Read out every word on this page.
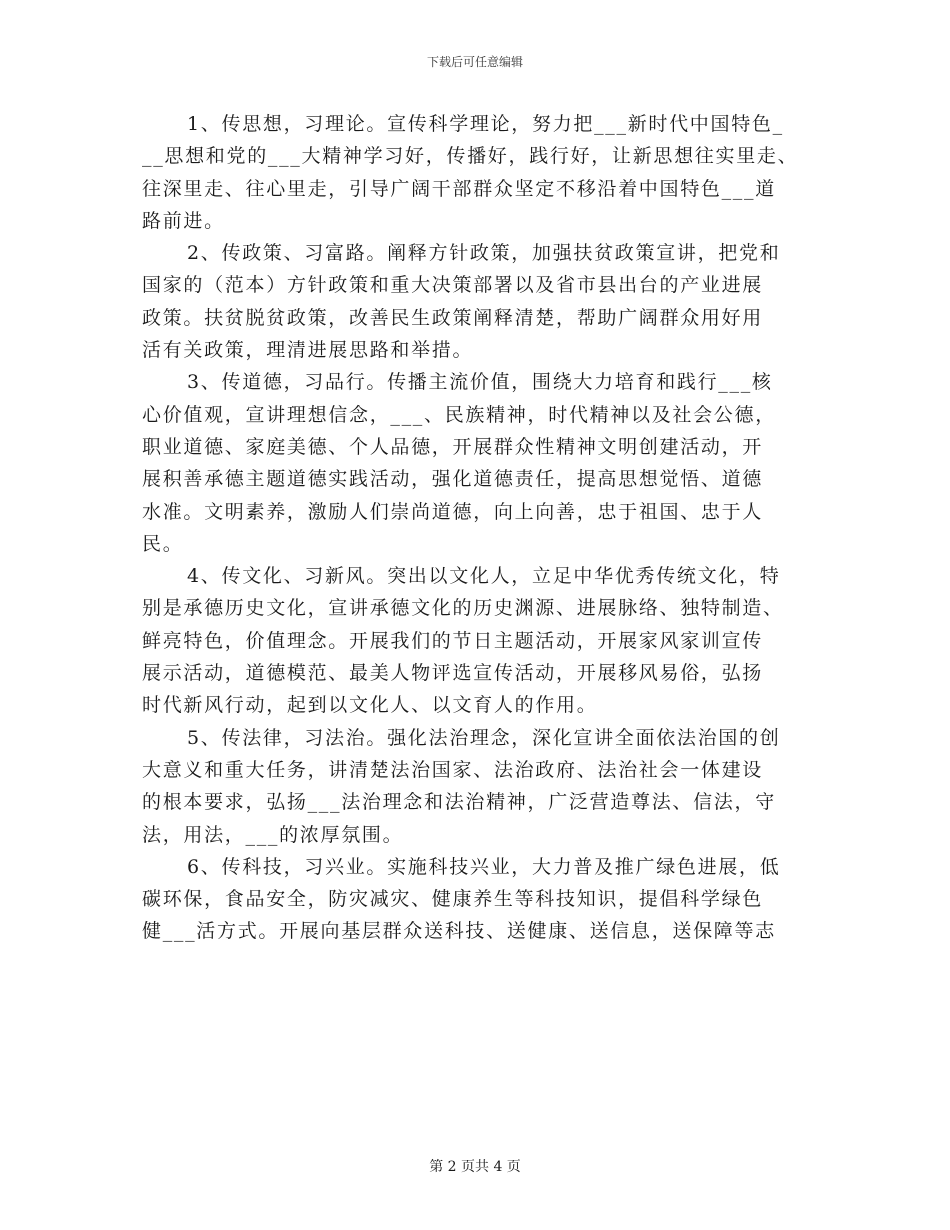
下载后可任意编辑

1、传思想，习理论。宣传科学理论，努力把___新时代中国特色_
__思想和党的___大精神学习好，传播好，践行好，让新思想往实里走、
往深里走、往心里走，引导广阔干部群众坚定不移沿着中国特色___道
路前进。

2、传政策、习富路。阐释方针政策，加强扶贫政策宣讲，把党和
国家的（范本）方针政策和重大决策部署以及省市县出台的产业进展
政策。扶贫脱贫政策，改善民生政策阐释清楚，帮助广阔群众用好用
活有关政策，理清进展思路和举措。

3、传道德，习品行。传播主流价值，围绕大力培育和践行___核
心价值观，宣讲理想信念，___、民族精神，时代精神以及社会公德，
职业道德、家庭美德、个人品德，开展群众性精神文明创建活动，开
展积善承德主题道德实践活动，强化道德责任，提高思想觉悟、道德
水准。文明素养，激励人们崇尚道德，向上向善，忠于祖国、忠于人
民。

4、传文化、习新风。突出以文化人，立足中华优秀传统文化，特
别是承德历史文化，宣讲承德文化的历史渊源、进展脉络、独特制造、
鲜亮特色，价值理念。开展我们的节日主题活动，开展家风家训宣传
展示活动，道德模范、最美人物评选宣传活动，开展移风易俗，弘扬
时代新风行动，起到以文化人、以文育人的作用。

5、传法律，习法治。强化法治理念，深化宣讲全面依法治国的创
大意义和重大任务，讲清楚法治国家、法治政府、法治社会一体建设
的根本要求，弘扬___法治理念和法治精神，广泛营造尊法、信法，守
法，用法，___的浓厚氛围。

6、传科技，习兴业。实施科技兴业，大力普及推广绿色进展，低
碳环保，食品安全，防灾减灾、健康养生等科技知识，提倡科学绿色
健___活方式。开展向基层群众送科技、送健康、送信息，送保障等志

第 2 页共 4 页
